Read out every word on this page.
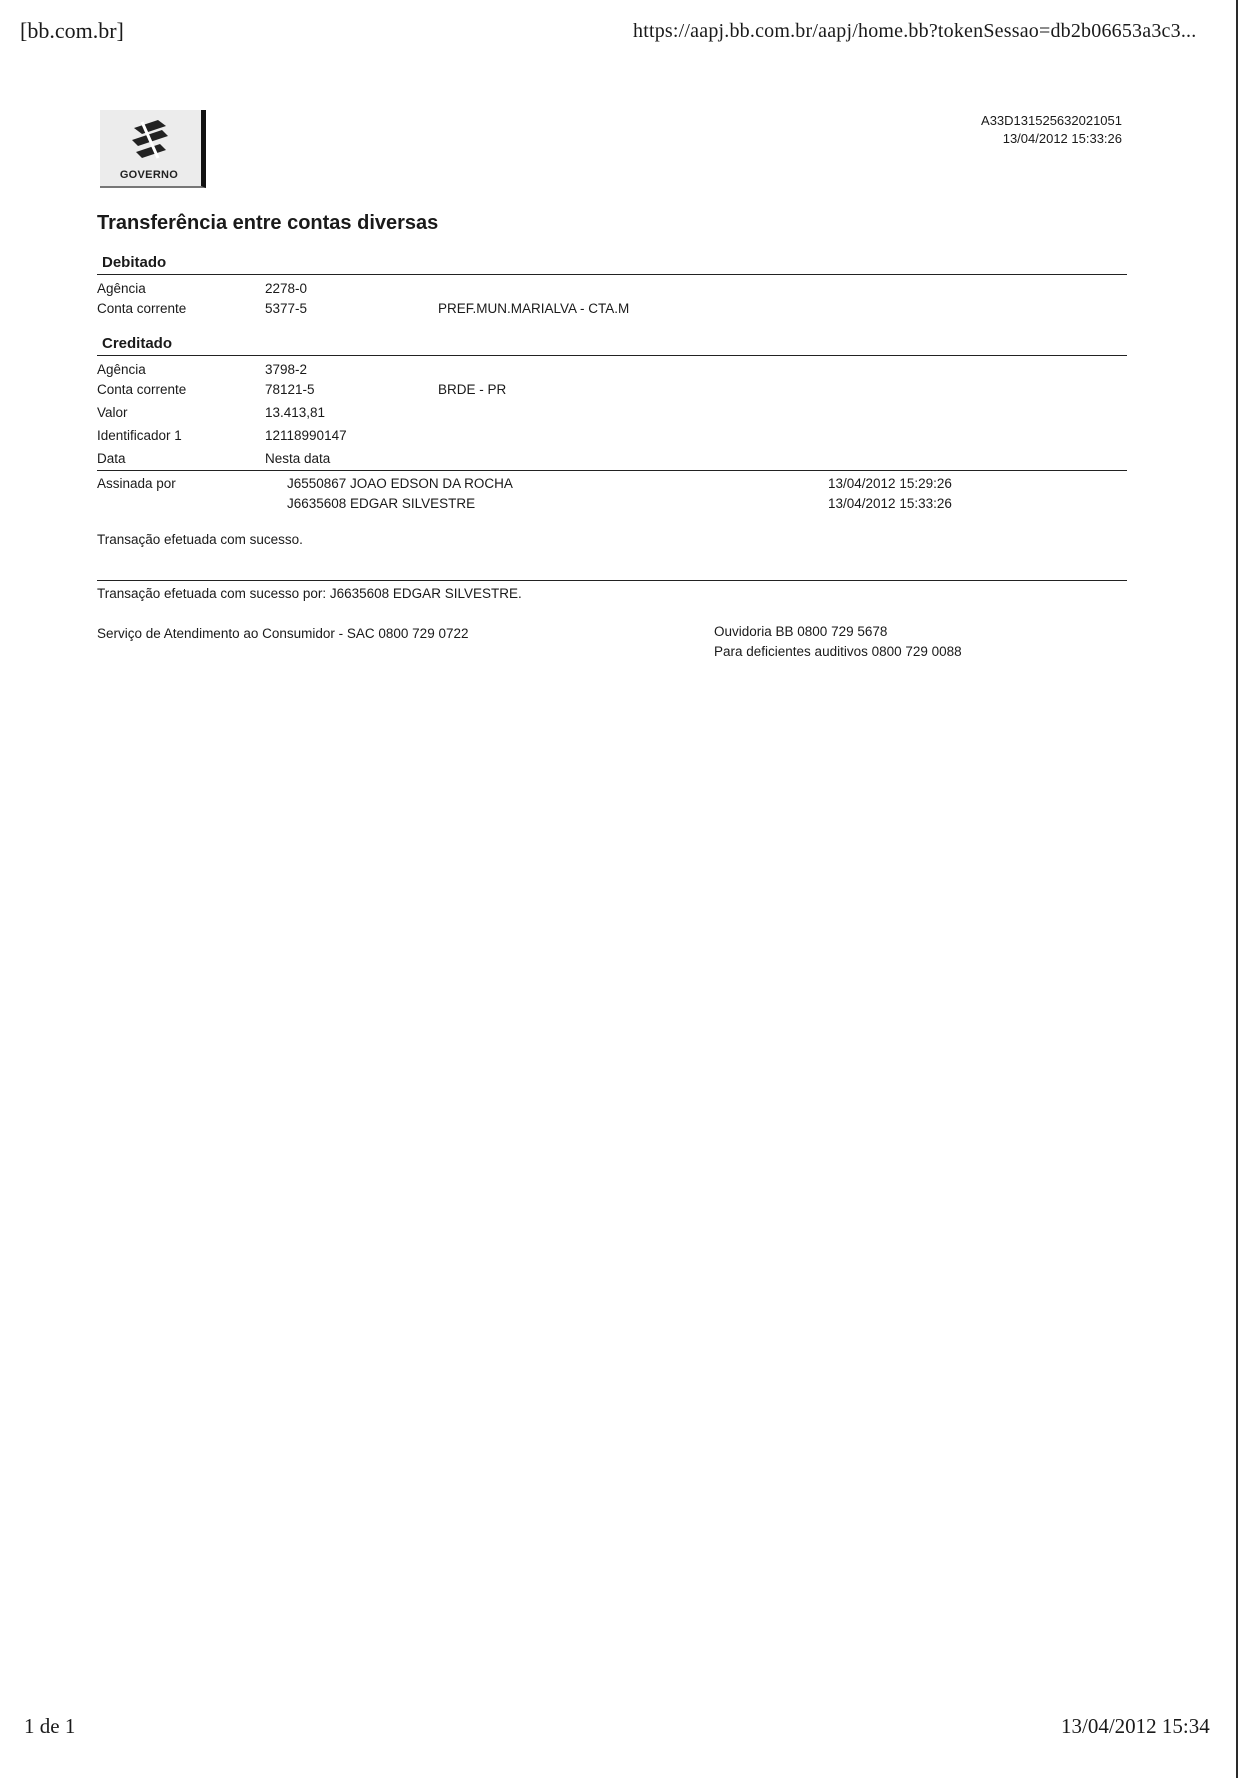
[bb.com.br]	https://aapj.bb.com.br/aapj/home.bb?tokenSessao=db2b06653a3c3...
GOVERNO
A33D131525632021051
13/04/2012 15:33:26
Transferência entre contas diversas
Debitado
Agência	2278-0
Conta corrente	5377-5	PREF.MUN.MARIALVA - CTA.M
Creditado
Agência	3798-2
Conta corrente	78121-5	BRDE - PR
Valor	13.413,81
Identificador 1	12118990147
Data	Nesta data
Assinada por	J6550867 JOAO EDSON DA ROCHA	13/04/2012 15:29:26
J6635608 EDGAR SILVESTRE	13/04/2012 15:33:26
Transação efetuada com sucesso.
Transação efetuada com sucesso por: J6635608 EDGAR SILVESTRE.
Serviço de Atendimento ao Consumidor - SAC 0800 729 0722	Ouvidoria BB 0800 729 5678
Para deficientes auditivos 0800 729 0088
1 de 1	13/04/2012 15:34
